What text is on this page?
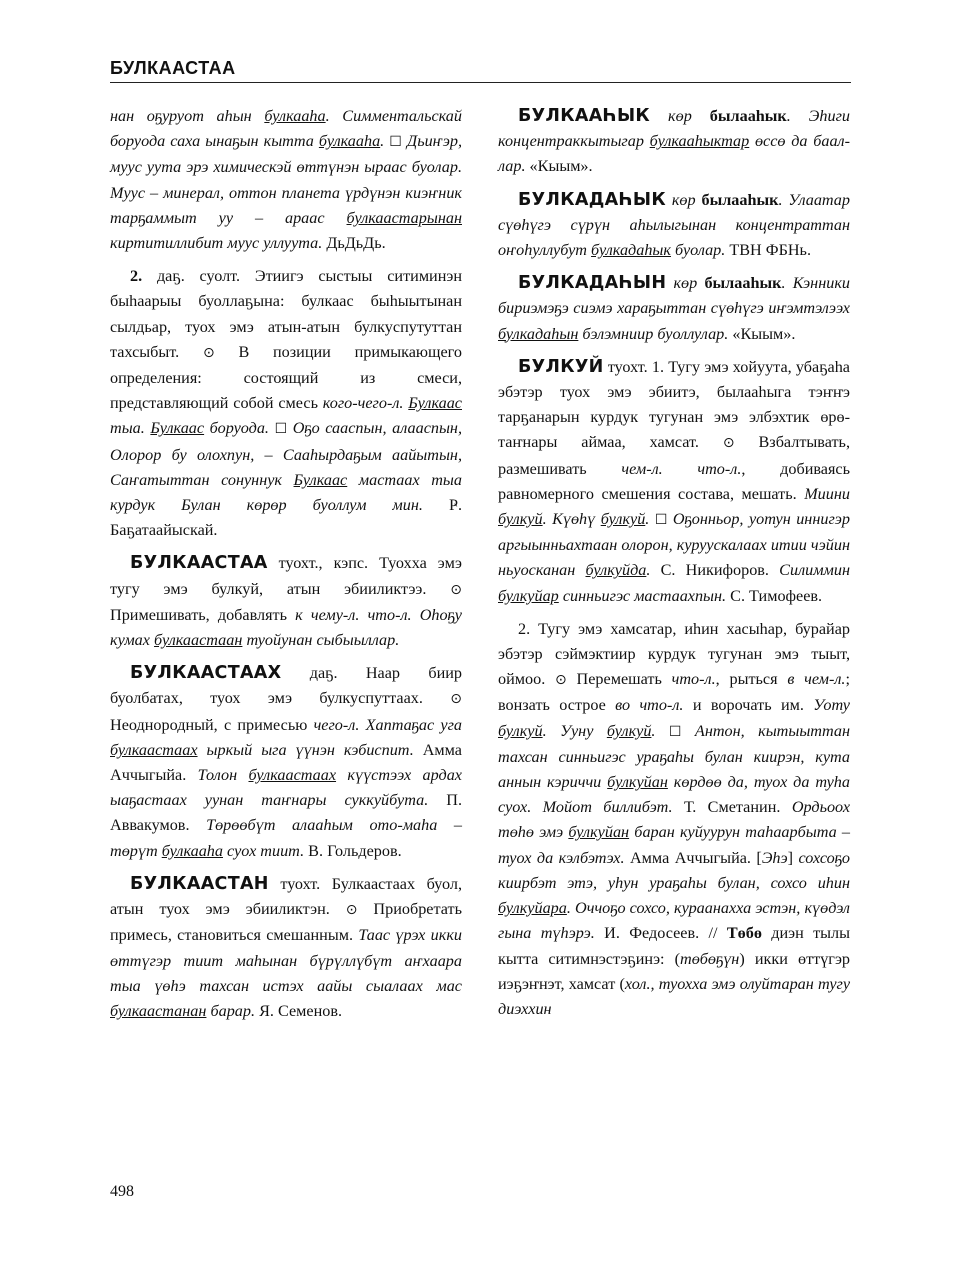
БУЛКААСТАА

нан оҕуруот аһын булкааһа. Симментальскай боруода саха ынаҕын кытта булкааһа. ☐ Дьиҥэр, муус уута эрэ химическэй өттүнэн ыраас буолар. Муус – минерал, оттон планета үрдүнэн киэҥник тарҕаммыт уу – араас булкаастарынан киртитиллибит муус уллуута. ДьДьДь.

2. даҕ. суолт. Этиигэ сыстыы ситиминэн быһаарыы буоллаҕына: булкаас быһыытынан сылдьар, туох эмэ атын-атын булкуспутуттан тахсыбыт. ⊙ В позиции примыкающего определения: состоящий из смеси, представляющий собой смесь кого-чего-л. Булкаас тыа. Булкаас боруода. ☐ Оҕо сааспын, алааспын, Олорор бу олохпун, – Сааһырдаҕым аайытын, Саҥатыттан сонуннук Булкаас мастаах тыа курдук Булан көрөр буоллум мин. Ҏ. Баҕатаайыскай.

БУЛКААСТАА туохт., кэпс. Туохха эмэ тугу эмэ булкуй, атын эбииликтээ. ⊙ Примешивать, добавлять к чему-л. что-л. Оһоҕу кумах булкаастаан туойунан сыбыыллар.

БУЛКААСТААХ даҕ. Наар биир буолбатах, туох эмэ булкуспуттаах. ⊙ Неоднородный, с примесью чего-л. Хаптаҕас уга булкаастаах ыркый ыга үүнэн кэбиспит. Амма Аччыгыйа. Толон булкаастаах күүстээх ардах ыаҕастаах уунан таҥнары суккуйбута. П. Аввакумов. Төрөөбүт алааһым ото-маһа – төрүт булкааһа суох тиит. В. Гольдеров.

БУЛКААСТАН туохт. Булкаастаах буол, атын туох эмэ эбииликтэн. ⊙ Приобретать примесь, становиться смешанным. Таас үрэх икки өттүгэр тиит маһынан бүрүллүбүт аҥхаара тыа үөһэ тахсан истэх аайы сыалаах мас булкаастанан барар. Я. Семенов.

БУЛКААҺЫК көр былааһык. Эһиги концентраккытыгар булкааһыктар өссө да бааллар. «Кыым».

БУЛКАДАҺЫК көр былааһык. Улаатар сүөһүгэ сүрүн аһылыгынан концентраттан оҥоһуллубут булкадаһык буолар. ТВН ФБНь.

БУЛКАДАҺЫН көр былааһык. Кэнники бириэмэҕэ сиэмэ хараҕыттан сүөһүгэ иҥэмтэлээх булкадаһын бэлэмниир буоллулар. «Кыым».

БУЛКУЙ туохт. 1. Тугу эмэ хойуута, убаҕаһа эбэтэр туох эмэ эбиитэ, былааһыга тэҥҥэ тарҕанарын курдук тугунан эмэ элбэхтик өрө-таҥнары аймаа, хамсат. ⊙ Взбалтывать, размешивать чем-л. что-л., добиваясь равномерного смешения состава, мешать. Миини булкуй. Күөһү булкуй. ☐ Оҕонньор, уотун иннигэр аргыынньахтаан олорон, куруускалаах итии чэйин ньуосканан булкуйда. С. Никифоров. Силиммин булкуйар синньигэс мастаахпын. С. Тимофеев.

2. Тугу эмэ хамсатар, иһин хасыһар, бурайар эбэтэр сэймэктиир курдук тугунан эмэ тыыт, оймоо. ⊙ Перемешать что-л., рыться в чем-л.; вонзать острое во что-л. и ворочать им. Уоту булкуй. Ууну булкуй. ☐ Антон, кытыыттан тахсан синньигэс ураҕаһы булан киирэн, кута аннын кэриччи булкуйан көрдөө да, туох да туһа суох. Мойот биллибэт. Т. Сметанин. Ордьоох төһө эмэ булкуйан баран куйуурун таһаарбыта – туох да кэлбэтэх. Амма Аччыгыйа. [Эһэ] сохсоҕо киирбэт этэ, уһун ураҕаһы булан, сохсо иһин булкуйара. Оччоҕо сохсо, кураанахха эстэн, күөдэл гына түһэрэ. И. Федосеев. // Төбө диэн тылы кытта ситимнэстэҕинэ: (төбөҕүн) икки өттүгэр иэҕэҥнэт, хамсат (хол., туохха эмэ олуйтаран тугу диэххин

498
